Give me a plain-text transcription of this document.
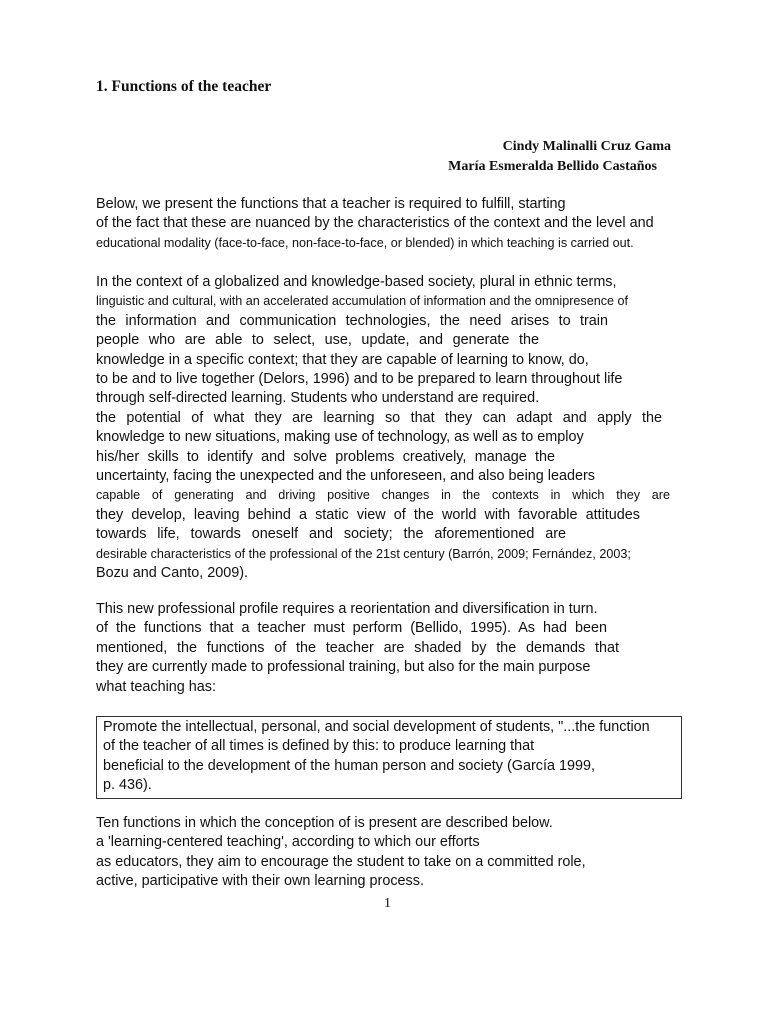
1. Functions of the teacher
Cindy Malinalli Cruz Gama
María Esmeralda Bellido Castaños

Below, we present the functions that a teacher is required to fulfill, starting
of the fact that these are nuanced by the characteristics of the context and the level and
educational modality (face-to-face, non-face-to-face, or blended) in which teaching is carried out.

In the context of a globalized and knowledge-based society, plural in ethnic terms,
linguistic and cultural, with an accelerated accumulation of information and the omnipresence of
the information and communication technologies, the need arises to train
people who are able to select, use, update, and generate the
knowledge in a specific context; that they are capable of learning to know, do,
to be and to live together (Delors, 1996) and to be prepared to learn throughout life
through self-directed learning. Students who understand are required.
the potential of what they are learning so that they can adapt and apply the
knowledge to new situations, making use of technology, as well as to employ
his/her skills to identify and solve problems creatively, manage the
uncertainty, facing the unexpected and the unforeseen, and also being leaders
capable of generating and driving positive changes in the contexts in which they are
they develop, leaving behind a static view of the world with favorable attitudes
towards life, towards oneself and society; the aforementioned are
desirable characteristics of the professional of the 21st century (Barrón, 2009; Fernández, 2003;
Bozu and Canto, 2009).

This new professional profile requires a reorientation and diversification in turn.
of the functions that a teacher must perform (Bellido, 1995). As had been
mentioned, the functions of the teacher are shaded by the demands that
they are currently made to professional training, but also for the main purpose
what teaching has:

Promote the intellectual, personal, and social development of students, "...the function
of the teacher of all times is defined by this: to produce learning that
beneficial to the development of the human person and society (García 1999,
p. 436).

Ten functions in which the conception of is present are described below.
a 'learning-centered teaching', according to which our efforts
as educators, they aim to encourage the student to take on a committed role,
active, participative with their own learning process.

1
